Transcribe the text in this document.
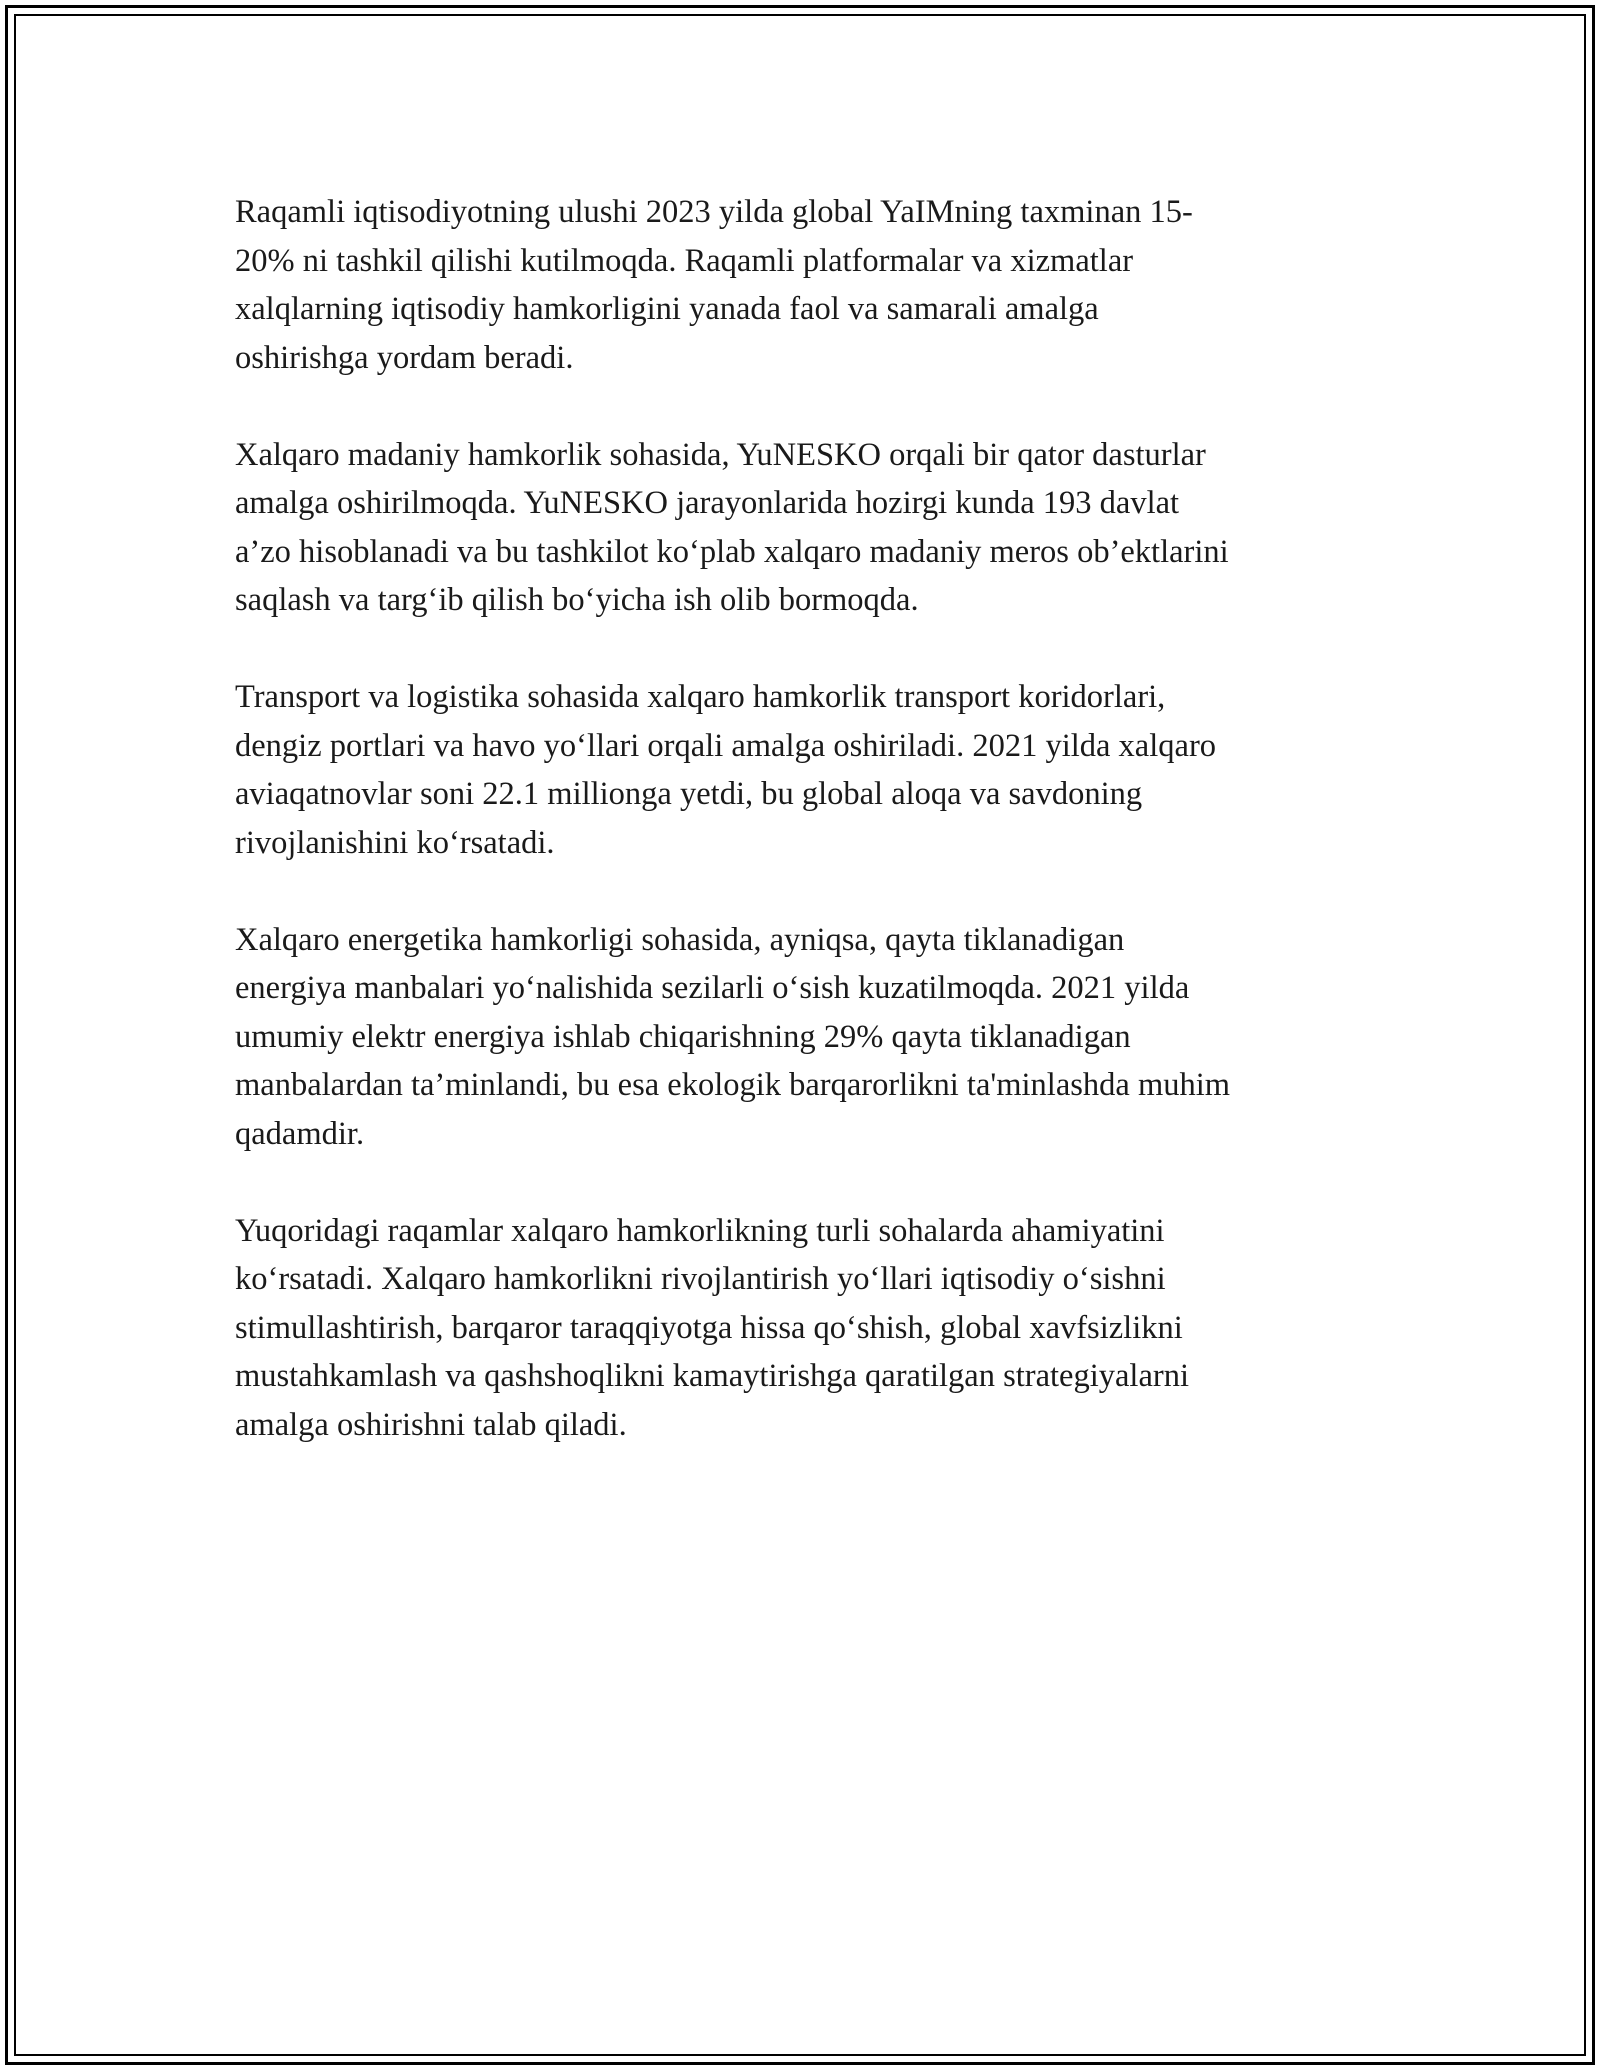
Raqamli iqtisodiyotning ulushi 2023 yilda global YaIMning taxminan 15-
20% ni tashkil qilishi kutilmoqda. Raqamli platformalar va xizmatlar
xalqlarning iqtisodiy hamkorligini yanada faol va samarali amalga
oshirishga yordam beradi.

Xalqaro madaniy hamkorlik sohasida, YuNESKO orqali bir qator dasturlar
amalga oshirilmoqda. YuNESKO jarayonlarida hozirgi kunda 193 davlat
a’zo hisoblanadi va bu tashkilot ko‘plab xalqaro madaniy meros ob’ektlarini
saqlash va targ‘ib qilish bo‘yicha ish olib bormoqda.

Transport va logistika sohasida xalqaro hamkorlik transport koridorlari,
dengiz portlari va havo yo‘llari orqali amalga oshiriladi. 2021 yilda xalqaro
aviaqatnovlar soni 22.1 millionga yetdi, bu global aloqa va savdoning
rivojlanishini ko‘rsatadi.

Xalqaro energetika hamkorligi sohasida, ayniqsa, qayta tiklanadigan
energiya manbalari yo‘nalishida sezilarli o‘sish kuzatilmoqda. 2021 yilda
umumiy elektr energiya ishlab chiqarishning 29% qayta tiklanadigan
manbalardan ta’minlandi, bu esa ekologik barqarorlikni ta'minlashda muhim
qadamdir.

Yuqoridagi raqamlar xalqaro hamkorlikning turli sohalarda ahamiyatini
ko‘rsatadi. Xalqaro hamkorlikni rivojlantirish yo‘llari iqtisodiy o‘sishni
stimullashtirish, barqaror taraqqiyotga hissa qo‘shish, global xavfsizlikni
mustahkamlash va qashshoqlikni kamaytirishga qaratilgan strategiyalarni
amalga oshirishni talab qiladi.
